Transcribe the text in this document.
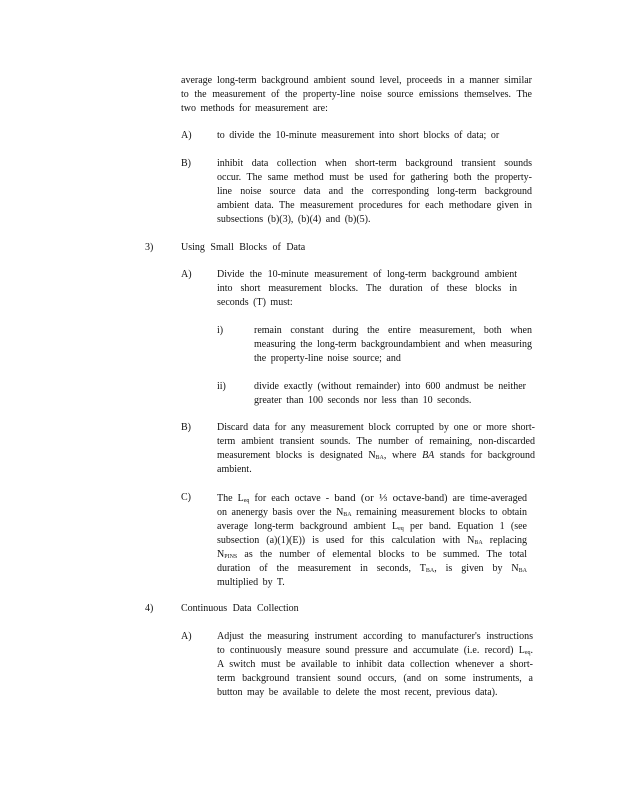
average long-term background ambient sound level, proceeds in a manner similar to the measurement of the property-line noise source emissions themselves. The two methods for measurement are:
A)	to divide the 10-minute measurement into short blocks of data; or
B)	inhibit data collection when short-term background transient sounds occur. The same method must be used for gathering both the property-line noise source data and the corresponding long-term background ambient data. The measurement procedures for each methodare given in subsections (b)(3), (b)(4) and (b)(5).
3)	Using Small Blocks of Data
A)	Divide the 10-minute measurement of long-term background ambient into short measurement blocks. The duration of these blocks in seconds (T) must:
i)	remain constant during the entire measurement, both when measuring the long-term backgroundambient and when measuring the property-line noise source; and
ii)	divide exactly (without remainder) into 600 andmust be neither greater than 100 seconds nor less than 10 seconds.
B)	Discard data for any measurement block corrupted by one or more short-term ambient transient sounds. The number of remaining, non-discarded measurement blocks is designated $N_{BA}$, where BA stands for background ambient.
C)	The $L_{eq}$ for each octave - band (or ⅓ octave-band) are time-averaged on anenergy basis over the $N_{BA}$ remaining measurement blocks to obtain average long-term background ambient $L_{eq}$ per band. Equation 1 (see subsection (a)(1)(E)) is used for this calculation with $N_{BA}$ replacing $N_{PINS}$ as the number of elemental blocks to be summed. The total duration of the measurement in seconds, $T_{BA}$, is given by $N_{BA}$ multiplied by T.
4)	Continuous Data Collection
A)	Adjust the measuring instrument according to manufacturer's instructions to continuously measure sound pressure and accumulate (i.e. record) $L_{eq}$. A switch must be available to inhibit data collection whenever a short-term background transient sound occurs, (and on some instruments, a button may be available to delete the most recent, previous data).
